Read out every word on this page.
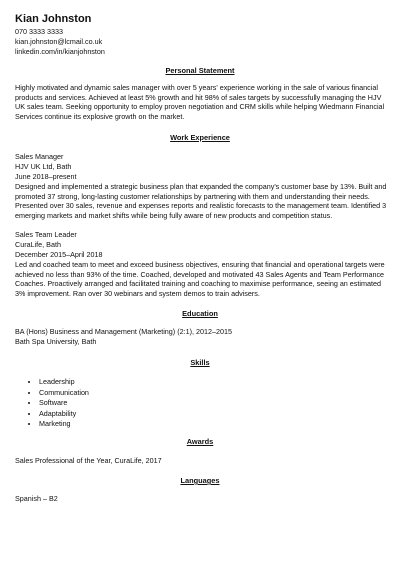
Kian Johnston
070 3333 3333
kian.johnston@lcmail.co.uk
linkedin.com/in/kianjohnston
Personal Statement
Highly motivated and dynamic sales manager with over 5 years' experience working in the sale of various financial products and services. Achieved at least 5% growth and hit 98% of sales targets by successfully managing the HJV UK sales team. Seeking opportunity to employ proven negotiation and CRM skills while helping Wiedmann Financial Services continue its explosive growth on the market.
Work Experience
Sales Manager
HJV UK Ltd, Bath
June 2018–present
Designed and implemented a strategic business plan that expanded the company's customer base by 13%. Built and promoted 37 strong, long-lasting customer relationships by partnering with them and understanding their needs. Presented over 30 sales, revenue and expenses reports and realistic forecasts to the management team. Identified 3 emerging markets and market shifts while being fully aware of new products and competition status.
Sales Team Leader
CuraLife, Bath
December 2015–April 2018
Led and coached team to meet and exceed business objectives, ensuring that financial and operational targets were achieved no less than 93% of the time. Coached, developed and motivated 43 Sales Agents and Team Performance Coaches. Proactively arranged and facilitated training and coaching to maximise performance, seeing an estimated 3% improvement. Ran over 30 webinars and system demos to train advisers.
Education
BA (Hons) Business and Management (Marketing) (2:1), 2012–2015
Bath Spa University, Bath
Skills
• Leadership
• Communication
• Software
• Adaptability
• Marketing
Awards
Sales Professional of the Year, CuraLife, 2017
Languages
Spanish – B2
